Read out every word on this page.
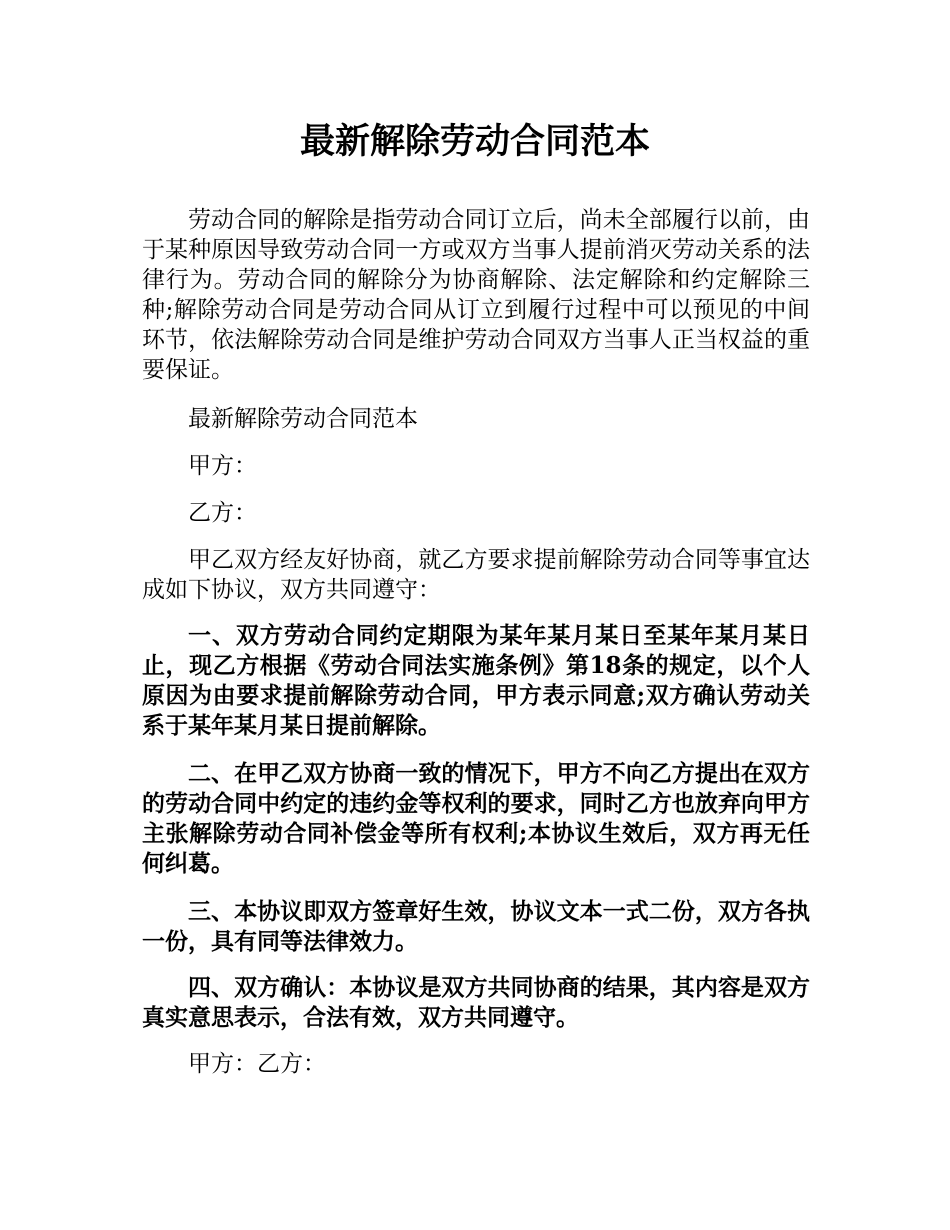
最新解除劳动合同范本

劳动合同的解除是指劳动合同订立后，尚未全部履行以前，由于某种原因导致劳动合同一方或双方当事人提前消灭劳动关系的法律行为。劳动合同的解除分为协商解除、法定解除和约定解除三种;解除劳动合同是劳动合同从订立到履行过程中可以预见的中间环节，依法解除劳动合同是维护劳动合同双方当事人正当权益的重要保证。

最新解除劳动合同范本

甲方：

乙方：

甲乙双方经友好协商，就乙方要求提前解除劳动合同等事宜达成如下协议，双方共同遵守：

一、双方劳动合同约定期限为某年某月某日至某年某月某日止，现乙方根据《劳动合同法实施条例》第18条的规定，以个人原因为由要求提前解除劳动合同，甲方表示同意;双方确认劳动关系于某年某月某日提前解除。

二、在甲乙双方协商一致的情况下，甲方不向乙方提出在双方的劳动合同中约定的违约金等权利的要求，同时乙方也放弃向甲方主张解除劳动合同补偿金等所有权利;本协议生效后，双方再无任何纠葛。

三、本协议即双方签章好生效，协议文本一式二份，双方各执一份，具有同等法律效力。

四、双方确认：本协议是双方共同协商的结果，其内容是双方真实意思表示，合法有效，双方共同遵守。

甲方：乙方：
